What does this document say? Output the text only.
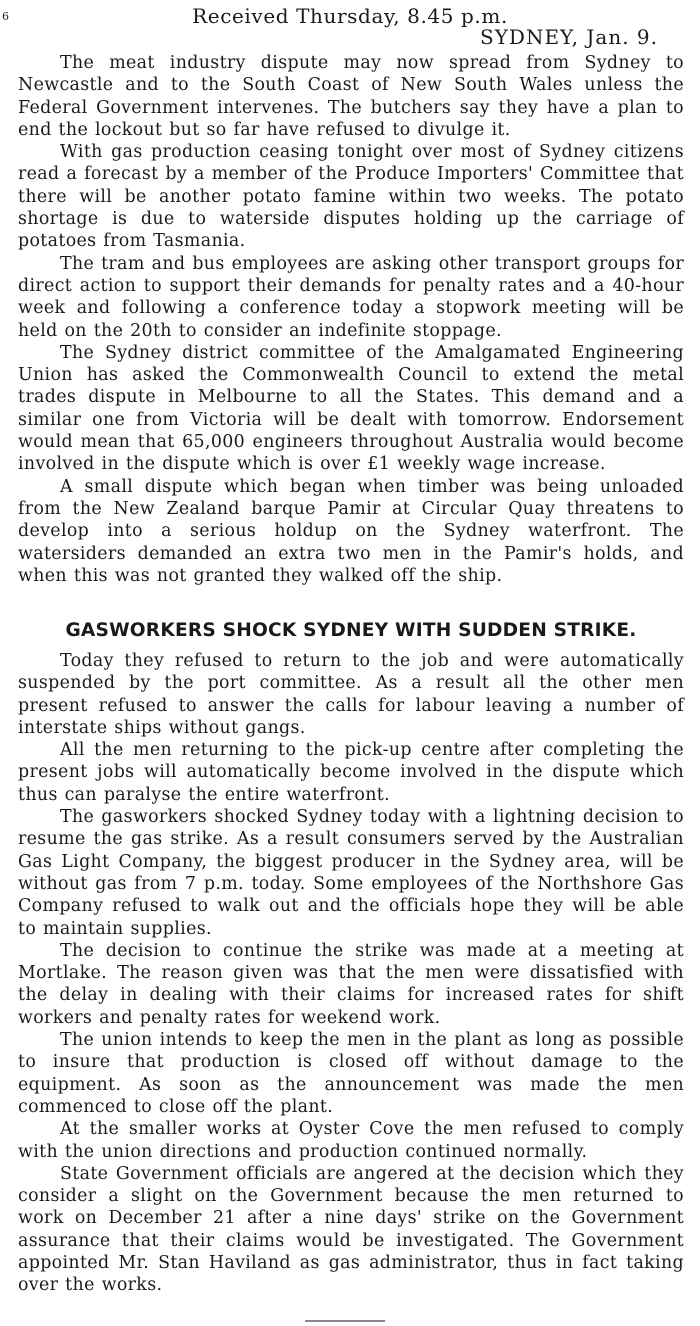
6	Received Thursday, 8.45 p.m.
SYDNEY, Jan. 9.

The meat industry dispute may now spread from Sydney to Newcastle and to the South Coast of New South Wales unless the Federal Government intervenes. The butchers say they have a plan to end the lockout but so far have refused to divulge it.

With gas production ceasing tonight over most of Sydney citizens read a forecast by a member of the Produce Importers' Committee that there will be another potato famine within two weeks. The potato shortage is due to waterside disputes holding up the carriage of potatoes from Tasmania.

The tram and bus employees are asking other transport groups for direct action to support their demands for penalty rates and a 40-hour week and following a conference today a stopwork meeting will be held on the 20th to consider an indefinite stoppage.

The Sydney district committee of the Amalgamated Engineering Union has asked the Commonwealth Council to extend the metal trades dispute in Melbourne to all the States. This demand and a similar one from Victoria will be dealt with tomorrow. Endorsement would mean that 65,000 engineers throughout Australia would become involved in the dispute which is over £1 weekly wage increase.

A small dispute which began when timber was being unloaded from the New Zealand barque Pamir at Circular Quay threatens to develop into a serious holdup on the Sydney waterfront. The watersiders demanded an extra two men in the Pamir's holds, and when this was not granted they walked off the ship.

GASWORKERS SHOCK SYDNEY WITH SUDDEN STRIKE.

Today they refused to return to the job and were automatically suspended by the port committee. As a result all the other men present refused to answer the calls for labour leaving a number of interstate ships without gangs.

All the men returning to the pick-up centre after completing the present jobs will automatically become involved in the dispute which thus can paralyse the entire waterfront.

The gasworkers shocked Sydney today with a lightning decision to resume the gas strike. As a result consumers served by the Australian Gas Light Company, the biggest producer in the Sydney area, will be without gas from 7 p.m. today. Some employees of the Northshore Gas Company refused to walk out and the officials hope they will be able to maintain supplies.

The decision to continue the strike was made at a meeting at Mortlake. The reason given was that the men were dissatisfied with the delay in dealing with their claims for increased rates for shift workers and penalty rates for weekend work.

The union intends to keep the men in the plant as long as possible to insure that production is closed off without damage to the equipment. As soon as the announcement was made the men commenced to close off the plant.

At the smaller works at Oyster Cove the men refused to comply with the union directions and production continued normally.

State Government officials are angered at the decision which they consider a slight on the Government because the men returned to work on December 21 after a nine days' strike on the Government assurance that their claims would be investigated. The Government appointed Mr. Stan Haviland as gas administrator, thus in fact taking over the works.
